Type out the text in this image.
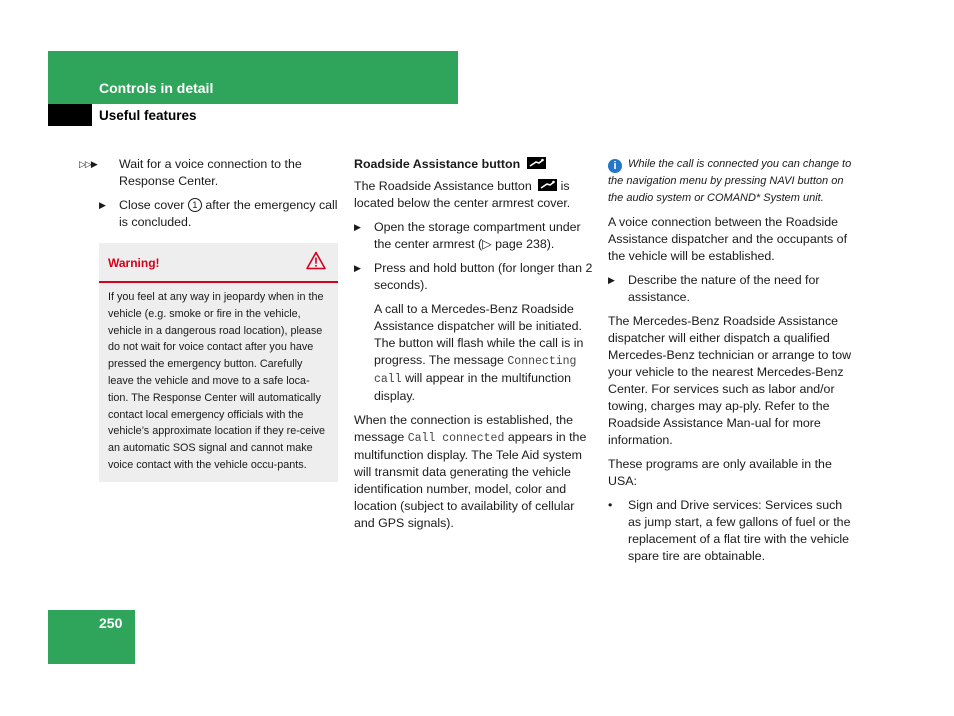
Controls in detail
Useful features
▷▷▶ Wait for a voice connection to the Response Center.
▶ Close cover 1 after the emergency call is concluded.
Warning!
If you feel at any way in jeopardy when in the vehicle (e.g. smoke or fire in the vehicle, vehicle in a dangerous road location), please do not wait for voice contact after you have pressed the emergency button. Carefully leave the vehicle and move to a safe loca-tion. The Response Center will automatically contact local emergency officials with the vehicle’s approximate location if they re-ceive an automatic SOS signal and cannot make voice contact with the vehicle occu-pants.

Roadside Assistance button

The Roadside Assistance button is located below the center armrest cover.

▶ Open the storage compartment under the center armrest (▷ page 238).
▶ Press and hold button (for longer than 2 seconds).
A call to a Mercedes-Benz Roadside Assistance dispatcher will be initiated. The button will flash while the call is in progress. The message Connecting call will appear in the multifunction display.

When the connection is established, the message Call connected appears in the multifunction display. The Tele Aid system will transmit data generating the vehicle identification number, model, color and location (subject to availability of cellular and GPS signals).

i While the call is connected you can change to the navigation menu by pressing NAVI button on the audio system or COMAND* System unit.

A voice connection between the Roadside Assistance dispatcher and the occupants of the vehicle will be established.

▶ Describe the nature of the need for assistance.

The Mercedes-Benz Roadside Assistance dispatcher will either dispatch a qualified Mercedes-Benz technician or arrange to tow your vehicle to the nearest Mercedes-Benz Center. For services such as labor and/or towing, charges may ap-ply. Refer to the Roadside Assistance Man-ual for more information.

These programs are only available in the USA:

• Sign and Drive services: Services such as jump start, a few gallons of fuel or the replacement of a flat tire with the vehicle spare tire are obtainable.
250
